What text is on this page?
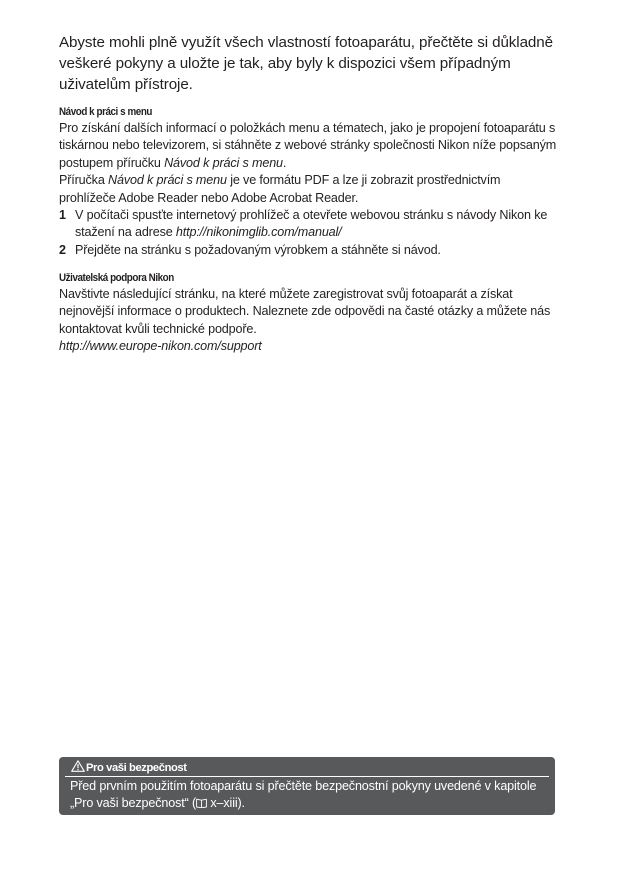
Abyste mohli plně využít všech vlastností fotoaparátu, přečtěte si důkladně veškeré pokyny a uložte je tak, aby byly k dispozici všem případným uživatelům přístroje.
Návod k práci s menu
Pro získání dalších informací o položkách menu a tématech, jako je propojení fotoaparátu s tiskárnou nebo televizorem, si stáhněte z webové stránky společnosti Nikon níže popsaným postupem příručku Návod k práci s menu.
Příručka Návod k práci s menu je ve formátu PDF a lze ji zobrazit prostřednictvím prohlížeče Adobe Reader nebo Adobe Acrobat Reader.
1 V počítači spusťte internetový prohlížeč a otevřete webovou stránku s návody Nikon ke stažení na adrese http://nikonimglib.com/manual/
2 Přejděte na stránku s požadovaným výrobkem a stáhněte si návod.
Uživatelská podpora Nikon
Navštivte následující stránku, na které můžete zaregistrovat svůj fotoaparát a získat nejnovější informace o produktech. Naleznete zde odpovědi na časté otázky a můžete nás kontaktovat kvůli technické podpoře.
http://www.europe-nikon.com/support
Pro vaši bezpečnost
Před prvním použitím fotoaparátu si přečtěte bezpečnostní pokyny uvedené v kapitole „Pro vaši bezpečnost“ ( x–xiii).
